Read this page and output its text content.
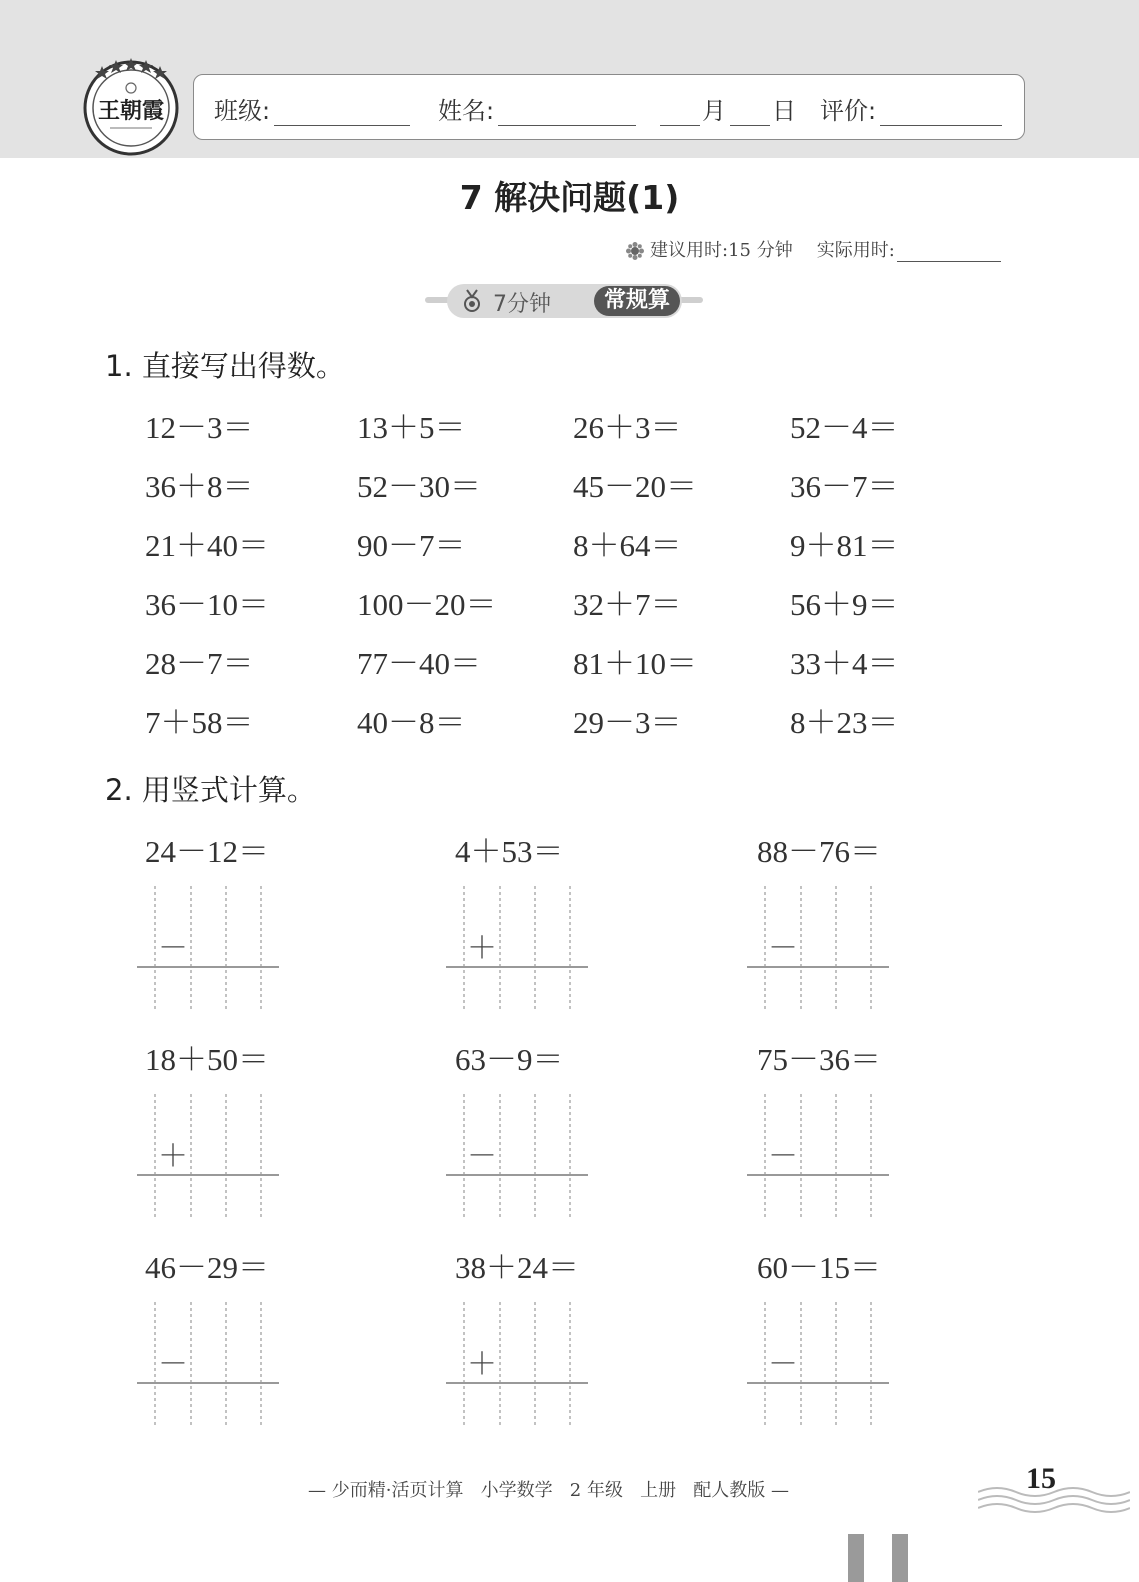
王朝霞 班级:	姓名:	月 日 评价:
7 解决问题(1)
建议用时:15 分钟 实际用时:
7分钟	常规算
1. 直接写出得数。
12－3＝	13＋5＝	26＋3＝	52－4＝
36＋8＝	52－30＝	45－20＝	36－7＝
21＋40＝	90－7＝	8＋64＝	9＋81＝
36－10＝	100－20＝ 32＋7＝	56＋9＝
28－7＝	77－40＝	81＋10＝	33＋4＝
7＋58＝	40－8＝	29－3＝	8＋23＝
2. 用竖式计算。
24－12＝
－
4＋53＝
＋
88－76＝
－
18＋50＝
＋
63－9＝
－
75－36＝
－
46－29＝
－
38＋24＝
＋
60－15＝
－
— 少而精·活页计算   小学数学   2 年级   上册   配人教版 —	15
